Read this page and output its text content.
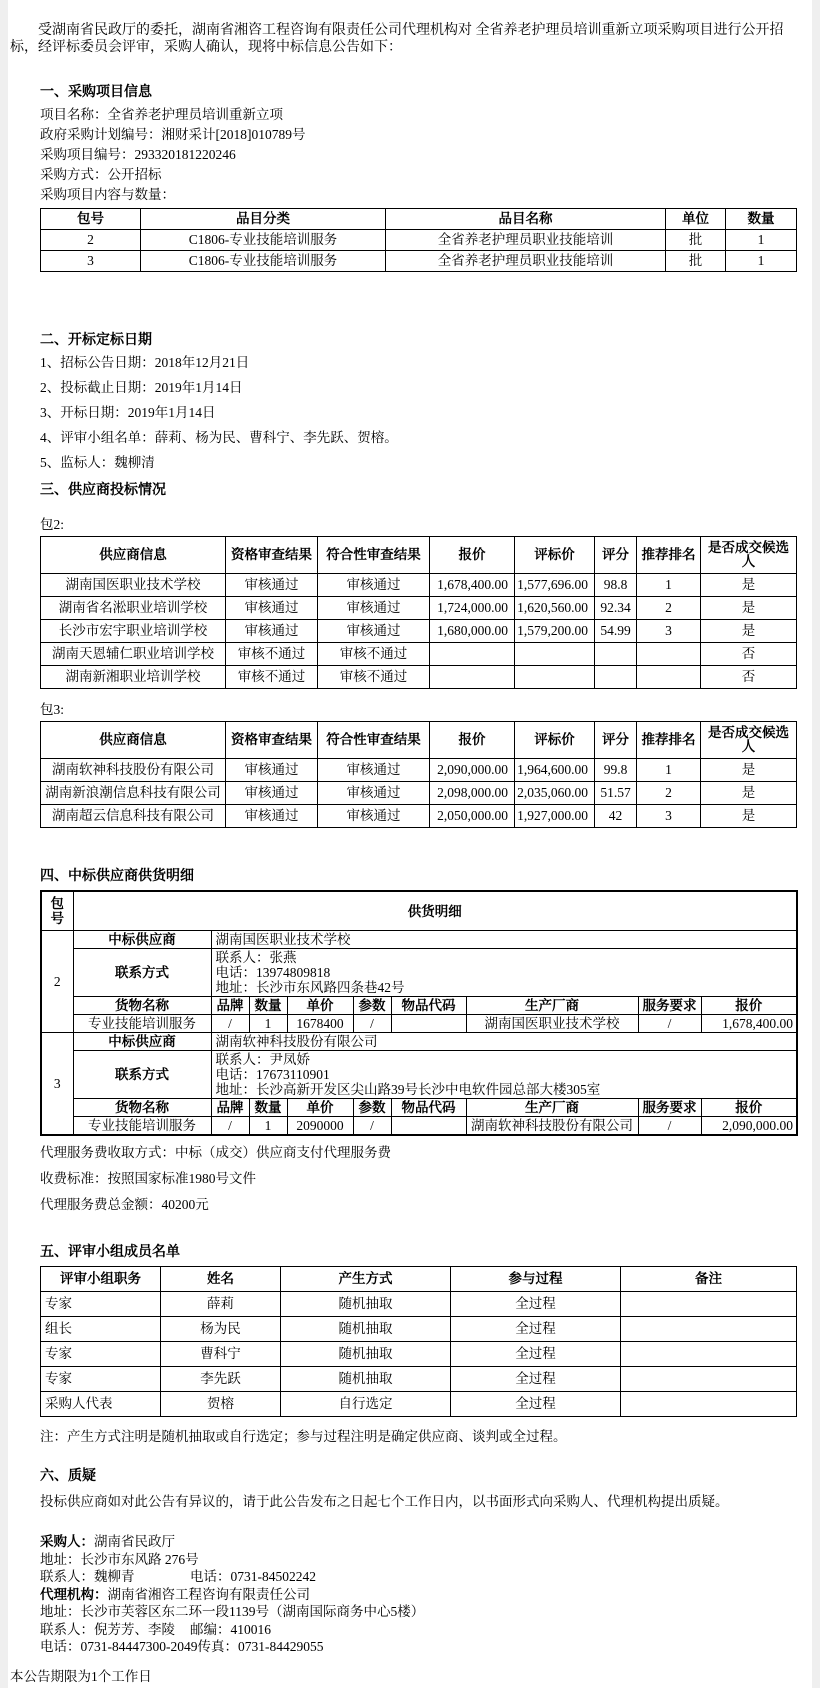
受湖南省民政厅的委托，湖南省湘咨工程咨询有限责任公司代理机构对 全省养老护理员培训重新立项采购项目进行公开招标，经评标委员会评审，采购人确认，现将中标信息公告如下：

一、采购项目信息
项目名称：全省养老护理员培训重新立项
政府采购计划编号：湘财采计[2018]010789号
采购项目编号：293320181220246
采购方式：公开招标
采购项目内容与数量：
包号	品目分类	品目名称	单位	数量
2	C1806-专业技能培训服务	全省养老护理员职业技能培训	批	1
3	C1806-专业技能培训服务	全省养老护理员职业技能培训	批	1
二、开标定标日期
1、招标公告日期：2018年12月21日
2、投标截止日期：2019年1月14日
3、开标日期：2019年1月14日
4、评审小组名单：薛莉、杨为民、曹科宁、李先跃、贺榕。
5、监标人：魏柳清
三、供应商投标情况
包2:
供应商信息	资格审查结果	符合性审查结果	报价	评标价	评分	推荐排名	是否成交候选人
湖南国医职业技术学校	审核通过	审核通过	1,678,400.00	1,577,696.00	98.8	1	是
湖南省名淞职业培训学校	审核通过	审核通过	1,724,000.00	1,620,560.00	92.34	2	是
长沙市宏宇职业培训学校	审核通过	审核通过	1,680,000.00	1,579,200.00	54.99	3	是
湖南天恩辅仁职业培训学校	审核不通过	审核不通过					否
湖南新湘职业培训学校	审核不通过	审核不通过					否
包3:
供应商信息	资格审查结果	符合性审查结果	报价	评标价	评分	推荐排名	是否成交候选人
湖南软神科技股份有限公司	审核通过	审核通过	2,090,000.00	1,964,600.00	99.8	1	是
湖南新浪潮信息科技有限公司	审核通过	审核通过	2,098,000.00	2,035,060.00	51.57	2	是
湖南超云信息科技有限公司	审核通过	审核通过	2,050,000.00	1,927,000.00	42	3	是
四、中标供应商供货明细
包号	供货明细								
2	中标供应商	湖南国医职业技术学校							
	联系方式	联系人：张燕
电话：13974809818
地址：长沙市东风路四条巷42号							

	货物名称	品牌	数量	单价	参数	物品代码	生产厂商	服务要求	报价
	专业技能培训服务	/	1	1678400	/		湖南国医职业技术学校	/	1,678,400.00
3	中标供应商	湖南软神科技股份有限公司							
	联系方式	联系人：尹凤娇
电话：17673110901
地址：长沙高新开发区尖山路39号长沙中电软件园总部大楼305室							

	货物名称	品牌	数量	单价	参数	物品代码	生产厂商	服务要求	报价
	专业技能培训服务	/	1	2090000	/		湖南软神科技股份有限公司	/	2,090,000.00
代理服务费收取方式：中标（成交）供应商支付代理服务费
收费标准：按照国家标准1980号文件
代理服务费总金额：40200元
五、评审小组成员名单
评审小组职务	姓名	产生方式	参与过程	备注
专家	薛莉	随机抽取	全过程	
组长	杨为民	随机抽取	全过程	
专家	曹科宁	随机抽取	全过程	
专家	李先跃	随机抽取	全过程	
采购人代表	贺榕	自行选定	全过程	
注：产生方式注明是随机抽取或自行选定；参与过程注明是确定供应商、谈判或全过程。
六、质疑
投标供应商如对此公告有异议的，请于此公告发布之日起七个工作日内，以书面形式向采购人、代理机构提出质疑。
采购人：湖南省民政厅
地址：长沙市东风路 276号
联系人：魏柳青	电话：0731-84502242
代理机构：湖南省湘咨工程咨询有限责任公司
地址：长沙市芙蓉区东二环一段1139号（湖南国际商务中心5楼）
联系人：倪芳芳、李陵 邮编：410016
电话：0731-84447300-2049传真：0731-84429055
本公告期限为1个工作日
